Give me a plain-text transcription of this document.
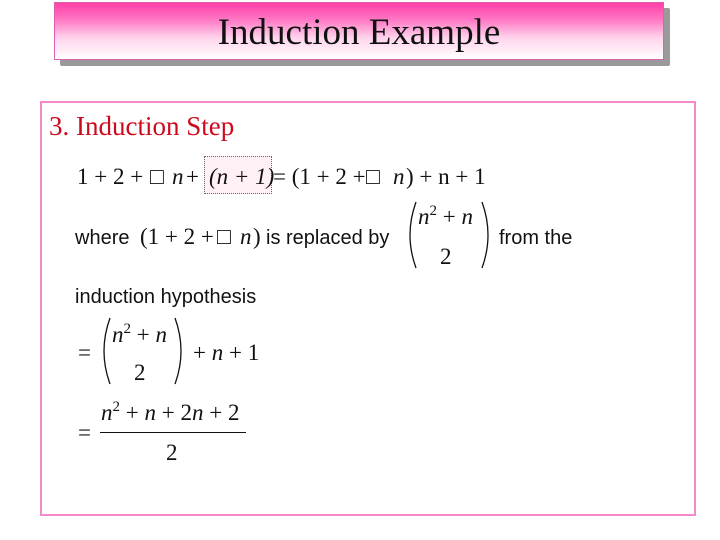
Induction Example
3. Induction Step
1 + 2 + □ n + (n + 1)
= (1 + 2 + □ n ) + n + 1
where (1 + 2 + □ n ) is replaced by
$n^2 + n$
2
from the
induction hypothesis
=
$n^2 + n$
2
+ n + 1
=
$n^2 + n + 2n + 2$
2
